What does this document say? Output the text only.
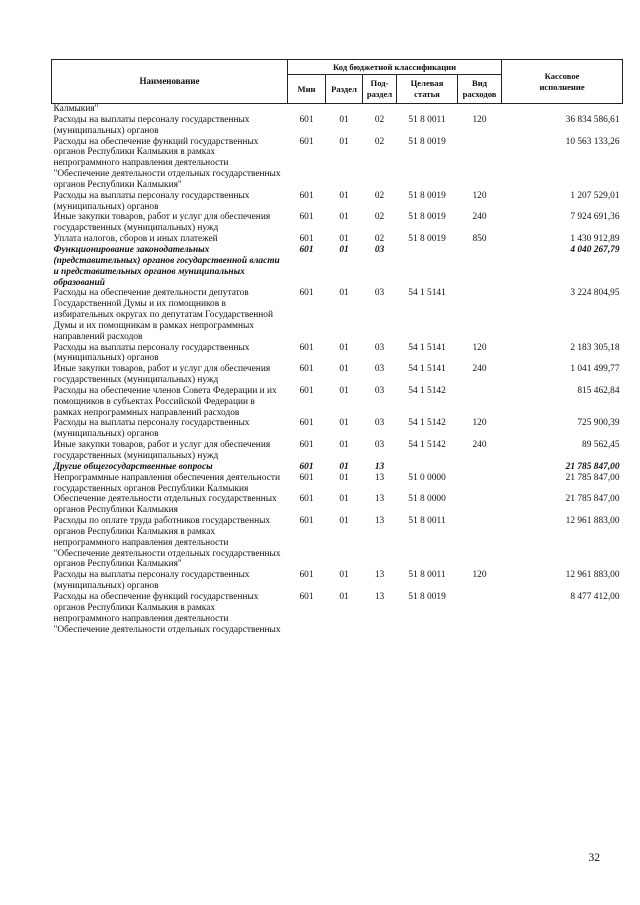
Наименование	Код бюджетной классификации					Кассовое
исполнение
	Мин	Раздел	Под-
раздел	Целевая
статья	Вид
расходов	
Калмыкия"						
Расходы на выплаты персоналу государственных (муниципальных) органов	601	01	02	51 8 0011	120	36 834 586,61
Расходы на обеспечение функций государственных органов Республики Калмыкия в рамках непрограммного направления деятельности "Обеспечение деятельности отдельных государственных органов Республики Калмыкия"	601	01	02	51 8 0019		10 563 133,26
Расходы на выплаты персоналу государственных (муниципальных) органов	601	01	02	51 8 0019	120	1 207 529,01
Иные закупки товаров, работ и услуг для обеспечения государственных (муниципальных) нужд	601	01	02	51 8 0019	240	7 924 691,36
Уплата налогов, сборов и иных платежей	601	01	02	51 8 0019	850	1 430 912,89
Функционирование законодательных (представительных) органов государственной власти и представительных органов муниципальных образований	601	01	03			4 040 267,79
Расходы на обеспечение деятельности депутатов Государственной Думы и их помощников в избирательных округах по депутатам Государственной Думы и их помощникам в рамках непрограммных направлений расходов	601	01	03	54 1 5141		3 224 804,95
Расходы на выплаты персоналу государственных (муниципальных) органов	601	01	03	54 1 5141	120	2 183 305,18
Иные закупки товаров, работ и услуг для обеспечения государственных (муниципальных) нужд	601	01	03	54 1 5141	240	1 041 499,77
Расходы на обеспечение членов Совета Федерации и их помощников в субъектах Российской Федерации в рамках непрограммных направлений расходов	601	01	03	54 1 5142		815 462,84
Расходы на выплаты персоналу государственных (муниципальных) органов	601	01	03	54 1 5142	120	725 900,39
Иные закупки товаров, работ и услуг для обеспечения государственных (муниципальных) нужд	601	01	03	54 1 5142	240	89 562,45
Другие общегосударственные вопросы	601	01	13			21 785 847,00
Непрограммные направления обеспечения деятельности государственных органов Республики Калмыкия	601	01	13	51 0 0000		21 785 847,00
Обеспечение деятельности отдельных государственных органов Республики Калмыкия	601	01	13	51 8 0000		21 785 847,00
Расходы по оплате труда работников государственных органов Республики Калмыкия в рамках непрограммного направления деятельности "Обеспечение деятельности отдельных государственных органов Республики Калмыкия"	601	01	13	51 8 0011		12 961 883,00
Расходы на выплаты персоналу государственных (муниципальных) органов	601	01	13	51 8 0011	120	12 961 883,00
Расходы на обеспечение функций государственных органов Республики Калмыкия в рамках непрограммного направления деятельности "Обеспечение деятельности отдельных государственных	601	01	13	51 8 0019		8 477 412,00
32
